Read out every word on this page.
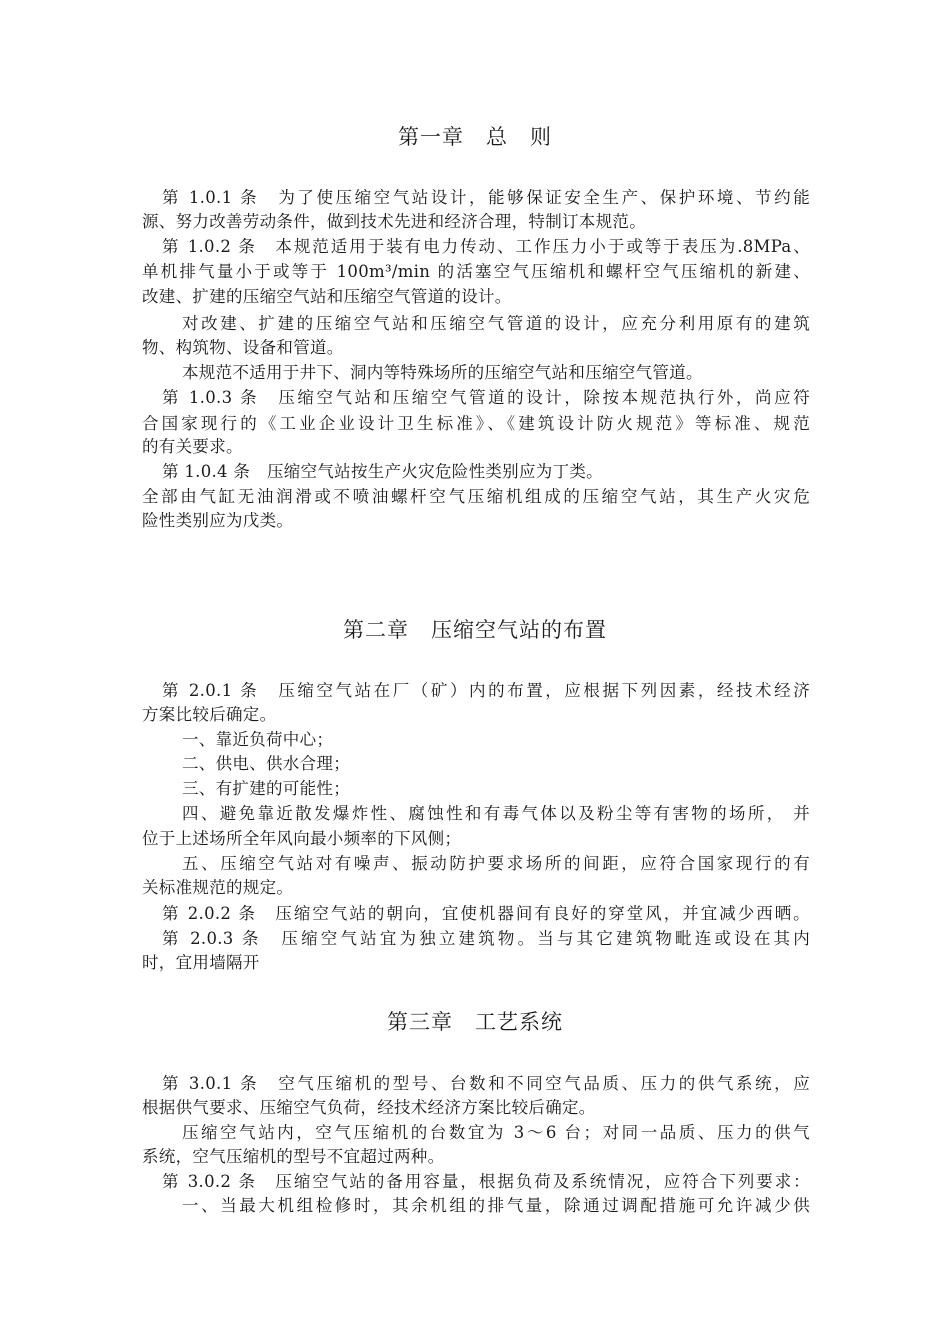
第一章　总　则
第 1.0.1 条　为了使压缩空气站设计，能够保证安全生产、保护环境、节约能
源、努力改善劳动条件，做到技术先进和经济合理，特制订本规范。
第 1.0.2 条　本规范适用于装有电力传动、工作压力小于或等于表压为.8MPa、
单机排气量小于或等于 100m³/min 的活塞空气压缩机和螺杆空气压缩机的新建、
改建、扩建的压缩空气站和压缩空气管道的设计。
对改建、扩建的压缩空气站和压缩空气管道的设计，应充分利用原有的建筑
物、构筑物、设备和管道。
本规范不适用于井下、洞内等特殊场所的压缩空气站和压缩空气管道。
第 1.0.3 条　压缩空气站和压缩空气管道的设计，除按本规范执行外，尚应符
合国家现行的《工业企业设计卫生标准》、《建筑设计防火规范》等标准、规范
的有关要求。
第 1.0.4 条　压缩空气站按生产火灾危险性类别应为丁类。
全部由气缸无油润滑或不喷油螺杆空气压缩机组成的压缩空气站，其生产火灾危
险性类别应为戊类。
第二章　压缩空气站的布置
第 2.0.1 条　压缩空气站在厂（矿）内的布置，应根据下列因素，经技术经济
方案比较后确定。
一、靠近负荷中心；
二、供电、供水合理；
三、有扩建的可能性；
四、避免靠近散发爆炸性、腐蚀性和有毒气体以及粉尘等有害物的场所， 并
位于上述场所全年风向最小频率的下风侧；
五、压缩空气站对有噪声、振动防护要求场所的间距，应符合国家现行的有
关标准规范的规定。
第 2.0.2 条　压缩空气站的朝向，宜使机器间有良好的穿堂风，并宜减少西晒。
第 2.0.3 条　压缩空气站宜为独立建筑物。当与其它建筑物毗连或设在其内
时，宜用墙隔开
第三章　工艺系统
第 3.0.1 条　空气压缩机的型号、台数和不同空气品质、压力的供气系统，应
根据供气要求、压缩空气负荷，经技术经济方案比较后确定。
压缩空气站内，空气压缩机的台数宜为 3～6 台；对同一品质、压力的供气
系统，空气压缩机的型号不宜超过两种。
第 3.0.2 条　压缩空气站的备用容量，根据负荷及系统情况，应符合下列要求：
一、当最大机组检修时，其余机组的排气量，除通过调配措施可允许减少供
